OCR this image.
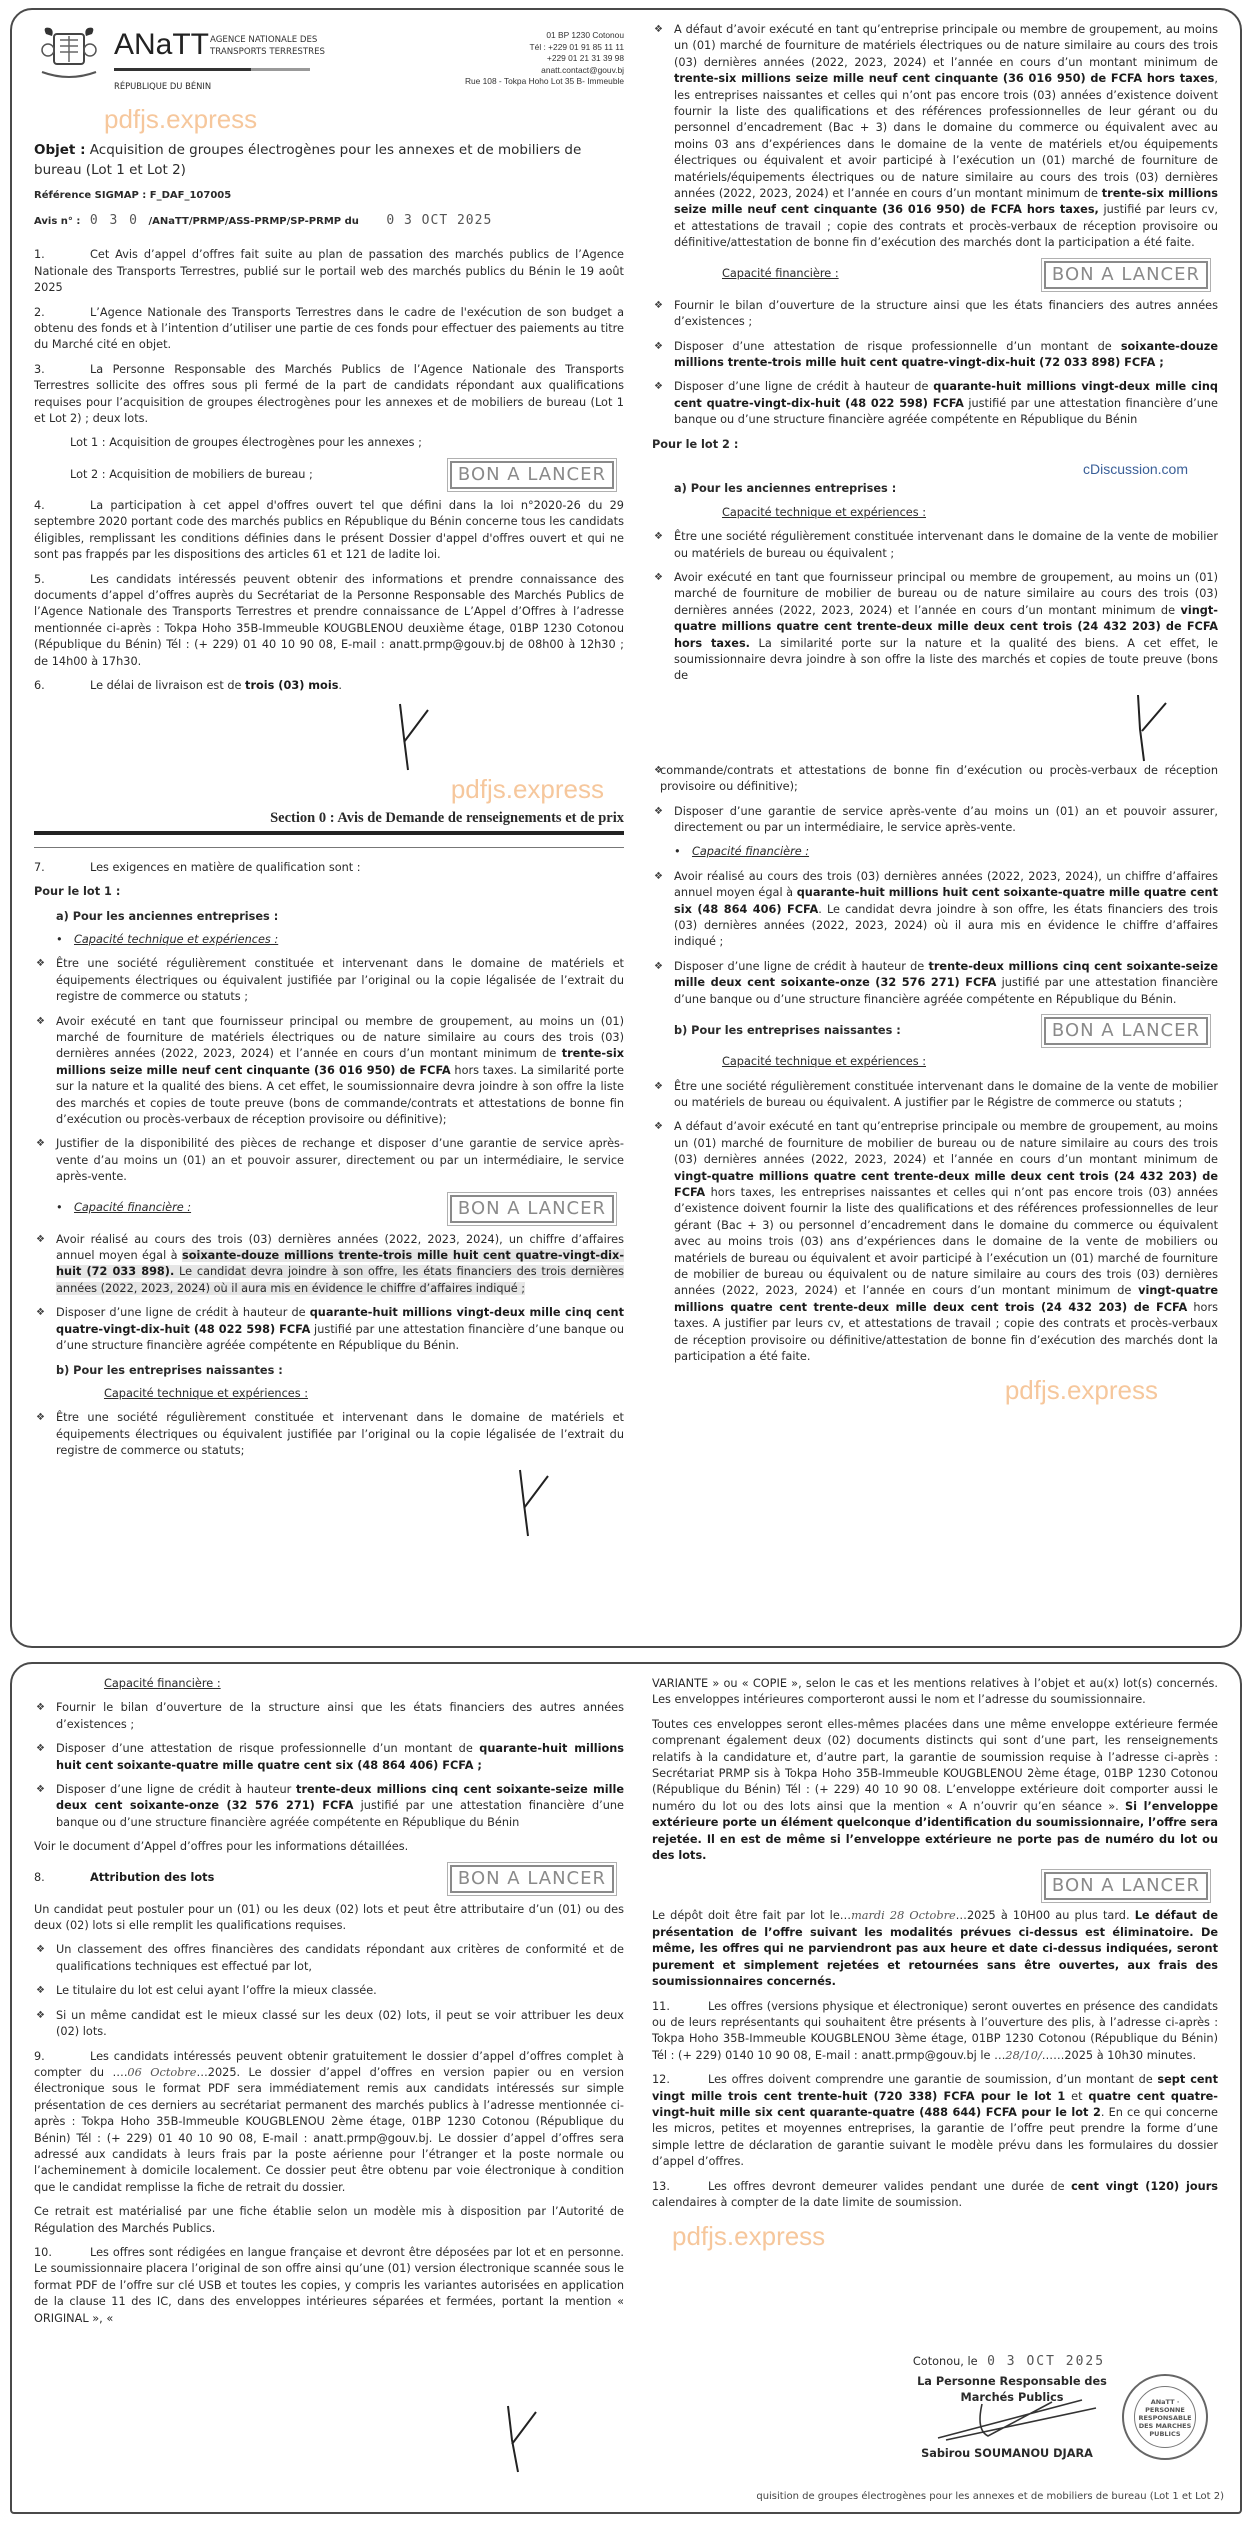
ANaTT AGENCE NATIONALE DES
TRANSPORTS TERRESTRES
RÉPUBLIQUE DU BÉNIN
01 BP 1230 Cotonou
Tél : +229 01 91 85 11 11
+229 01 21 31 39 98
anatt.contact@gouv.bj
Rue 108 - Tokpa Hoho Lot 35 B- Immeuble
pdfjs.express
Objet : Acquisition de groupes électrogènes pour les annexes et de mobiliers de bureau (Lot 1 et Lot 2)
Référence SIGMAP : F_DAF_107005
Avis n° : 0 3 0 /ANaTT/PRMP/ASS-PRMP/SP-PRMP du 0 3 OCT 2025

1.	Cet Avis d’appel d’offres fait suite au plan de passation des marchés publics de l’Agence Nationale des Transports Terrestres, publié sur le portail web des marchés publics du Bénin le 19 août 2025

2.	L’Agence Nationale des Transports Terrestres dans le cadre de l'exécution de son budget a obtenu des fonds et à l’intention d’utiliser une partie de ces fonds pour effectuer des paiements au titre du Marché cité en objet.

3.	La Personne Responsable des Marchés Publics de l’Agence Nationale des Transports Terrestres sollicite des offres sous pli fermé de la part de candidats répondant aux qualifications requises pour l’acquisition de groupes électrogènes pour les annexes et de mobiliers de bureau (Lot 1 et Lot 2) ; deux lots.

Lot 1 : Acquisition de groupes électrogènes pour les annexes ;

Lot 2 : Acquisition de mobiliers de bureau ;	BON A LANCER

4.	La participation à cet appel d'offres ouvert tel que défini dans la loi n°2020-26 du 29 septembre 2020 portant code des marchés publics en République du Bénin concerne tous les candidats éligibles, remplissant les conditions définies dans le présent Dossier d'appel d'offres ouvert et qui ne sont pas frappés par les dispositions des articles 61 et 121 de ladite loi.

5.	Les candidats intéressés peuvent obtenir des informations et prendre connaissance des documents d’appel d’offres auprès du Secrétariat de la Personne Responsable des Marchés Publics de l’Agence Nationale des Transports Terrestres et prendre connaissance de L’Appel d’Offres à l’adresse mentionnée ci-après : Tokpa Hoho 35B-Immeuble KOUGBLENOU deuxième étage, 01BP 1230 Cotonou (République du Bénin) Tél : (+ 229) 01 40 10 90 08, E-mail : anatt.prmp@gouv.bj de 08h00 à 12h30 ; de 14h00 à 17h30.

6.	Le délai de livraison est de trois (03) mois.

pdfjs.express
Section 0 : Avis de Demande de renseignements et de prix

7.	Les exigences en matière de qualification sont :

Pour le lot 1 :

a) Pour les anciennes entreprises :
• Capacité technique et expériences :
❖ Être une société régulièrement constituée et intervenant dans le domaine de matériels et équipements électriques ou équivalent justifiée par l’original ou la copie légalisée de l’extrait du registre de commerce ou statuts ;
❖ Avoir exécuté en tant que fournisseur principal ou membre de groupement, au moins un (01) marché de fourniture de matériels électriques ou de nature similaire au cours des trois (03) dernières années (2022, 2023, 2024) et l’année en cours d’un montant minimum de trente-six millions seize mille neuf cent cinquante (36 016 950) de FCFA hors taxes. La similarité porte sur la nature et la qualité des biens. A cet effet, le soumissionnaire devra joindre à son offre la liste des marchés et copies de toute preuve (bons de commande/contrats et attestations de bonne fin d’exécution ou procès-verbaux de réception provisoire ou définitive);
❖ Justifier de la disponibilité des pièces de rechange et disposer d’une garantie de service après-vente d’au moins un (01) an et pouvoir assurer, directement ou par un intermédiaire, le service après-vente.
• Capacité financière :	BON A LANCER
❖ Avoir réalisé au cours des trois (03) dernières années (2022, 2023, 2024), un chiffre d’affaires annuel moyen égal à soixante-douze millions trente-trois mille huit cent quatre-vingt-dix-huit (72 033 898). Le candidat devra joindre à son offre, les états financiers des trois dernières années (2022, 2023, 2024) où il aura mis en évidence le chiffre d’affaires indiqué ;
❖ Disposer d’une ligne de crédit à hauteur de quarante-huit millions vingt-deux mille cinq cent quatre-vingt-dix-huit (48 022 598) FCFA justifié par une attestation financière d’une banque ou d’une structure financière agréée compétente en République du Bénin.
b) Pour les entreprises naissantes :
Capacité technique et expériences :
❖ Être une société régulièrement constituée et intervenant dans le domaine de matériels et équipements électriques ou équivalent justifiée par l’original ou la copie légalisée de l’extrait du registre de commerce ou statuts;
❖ A défaut d’avoir exécuté en tant qu’entreprise principale ou membre de groupement, au moins un (01) marché de fourniture de matériels électriques ou de nature similaire au cours des trois (03) dernières années (2022, 2023, 2024) et l’année en cours d’un montant minimum de trente-six millions seize mille neuf cent cinquante (36 016 950) de FCFA hors taxes, les entreprises naissantes et celles qui n’ont pas encore trois (03) années d’existence doivent fournir la liste des qualifications et des références professionnelles de leur gérant ou du personnel d’encadrement (Bac + 3) dans le domaine du commerce ou équivalent avec au moins 03 ans d’expériences dans le domaine de la vente de matériels et/ou équipements électriques ou équivalent et avoir participé à l’exécution un (01) marché de fourniture de matériels/équipements électriques ou de nature similaire au cours des trois (03) dernières années (2022, 2023, 2024) et l’année en cours d’un montant minimum de trente-six millions seize mille neuf cent cinquante (36 016 950) de FCFA hors taxes, justifié par leurs cv, et attestations de travail ; copie des contrats et procès-verbaux de réception provisoire ou définitive/attestation de bonne fin d’exécution des marchés dont la participation a été faite.
Capacité financière :	BON A LANCER
❖ Fournir le bilan d’ouverture de la structure ainsi que les états financiers des autres années d’existences ;
❖ Disposer d’une attestation de risque professionnelle d’un montant de soixante-douze millions trente-trois mille huit cent quatre-vingt-dix-huit (72 033 898) FCFA ;
❖ Disposer d’une ligne de crédit à hauteur de quarante-huit millions vingt-deux mille cinq cent quatre-vingt-dix-huit (48 022 598) FCFA justifié par une attestation financière d’une banque ou d’une structure financière agréée compétente en République du Bénin

Pour le lot 2 :

cDiscussion.com
a) Pour les anciennes entreprises :
Capacité technique et expériences :
❖ Être une société régulièrement constituée intervenant dans le domaine de la vente de mobilier ou matériels de bureau ou équivalent ;
❖ Avoir exécuté en tant que fournisseur principal ou membre de groupement, au moins un (01) marché de fourniture de mobilier de bureau ou de nature similaire au cours des trois (03) dernières années (2022, 2023, 2024) et l’année en cours d’un montant minimum de vingt-quatre millions quatre cent trente-deux mille deux cent trois (24 432 203) de FCFA hors taxes. La similarité porte sur la nature et la qualité des biens. A cet effet, le soumissionnaire devra joindre à son offre la liste des marchés et copies de toute preuve (bons de
❖ commande/contrats et attestations de bonne fin d’exécution ou procès-verbaux de réception provisoire ou définitive);
❖ Disposer d’une garantie de service après-vente d’au moins un (01) an et pouvoir assurer, directement ou par un intermédiaire, le service après-vente.
• Capacité financière :
❖ Avoir réalisé au cours des trois (03) dernières années (2022, 2023, 2024), un chiffre d’affaires annuel moyen égal à quarante-huit millions huit cent soixante-quatre mille quatre cent six (48 864 406) FCFA. Le candidat devra joindre à son offre, les états financiers des trois (03) dernières années (2022, 2023, 2024) où il aura mis en évidence le chiffre d’affaires indiqué ;
❖ Disposer d’une ligne de crédit à hauteur de trente-deux millions cinq cent soixante-seize mille deux cent soixante-onze (32 576 271) FCFA justifié par une attestation financière d’une banque ou d’une structure financière agréée compétente en République du Bénin.
b) Pour les entreprises naissantes :	BON A LANCER
Capacité technique et expériences :
❖ Être une société régulièrement constituée intervenant dans le domaine de la vente de mobilier ou matériels de bureau ou équivalent. A justifier par le Régistre de commerce ou statuts ;
❖ A défaut d’avoir exécuté en tant qu’entreprise principale ou membre de groupement, au moins un (01) marché de fourniture de mobilier de bureau ou de nature similaire au cours des trois (03) dernières années (2022, 2023, 2024) et l’année en cours d’un montant minimum de vingt-quatre millions quatre cent trente-deux mille deux cent trois (24 432 203) de FCFA hors taxes, les entreprises naissantes et celles qui n’ont pas encore trois (03) années d’existence doivent fournir la liste des qualifications et des références professionnelles de leur gérant (Bac + 3) ou personnel d’encadrement dans le domaine du commerce ou équivalent avec au moins trois (03) ans d’expériences dans le domaine de la vente de mobiliers ou matériels de bureau ou équivalent et avoir participé à l’exécution un (01) marché de fourniture de mobilier de bureau ou équivalent ou de nature similaire au cours des trois (03) dernières années (2022, 2023, 2024) et l’année en cours d’un montant minimum de vingt-quatre millions quatre cent trente-deux mille deux cent trois (24 432 203) de FCFA hors taxes. A justifier par leurs cv, et attestations de travail ; copie des contrats et procès-verbaux de réception provisoire ou définitive/attestation de bonne fin d’exécution des marchés dont la participation a été faite.
pdfjs.express
Capacité financière :
❖ Fournir le bilan d’ouverture de la structure ainsi que les états financiers des autres années d’existences ;
❖ Disposer d’une attestation de risque professionnelle d’un montant de quarante-huit millions huit cent soixante-quatre mille quatre cent six (48 864 406) FCFA ;
❖ Disposer d’une ligne de crédit à hauteur trente-deux millions cinq cent soixante-seize mille deux cent soixante-onze (32 576 271) FCFA justifié par une attestation financière d’une banque ou d’une structure financière agréée compétente en République du Bénin

Voir le document d’Appel d’offres pour les informations détaillées.

8.	Attribution des lots	BON A LANCER

Un candidat peut postuler pour un (01) ou les deux (02) lots et peut être attributaire d’un (01) ou des deux (02) lots si elle remplit les qualifications requises.

❖ Un classement des offres financières des candidats répondant aux critères de conformité et de qualifications techniques est effectué par lot,
❖ Le titulaire du lot est celui ayant l’offre la mieux classée.
❖ Si un même candidat est le mieux classé sur les deux (02) lots, il peut se voir attribuer les deux (02) lots.

9.	Les candidats intéressés peuvent obtenir gratuitement le dossier d’appel d’offres complet à compter du ….06 Octobre…2025. Le dossier d’appel d’offres en version papier ou en version électronique sous le format PDF sera immédiatement remis aux candidats intéressés sur simple présentation de ces derniers au secrétariat permanent des marchés publics à l’adresse mentionnée ci-après : Tokpa Hoho 35B-Immeuble KOUGBLENOU 2ème étage, 01BP 1230 Cotonou (République du Bénin) Tél : (+ 229) 01 40 10 90 08, E-mail : anatt.prmp@gouv.bj. Le dossier d’appel d’offres sera adressé aux candidats à leurs frais par la poste aérienne pour l’étranger et la poste normale ou l’acheminement à domicile localement. Ce dossier peut être obtenu par voie électronique à condition que le candidat remplisse la fiche de retrait du dossier.

Ce retrait est matérialisé par une fiche établie selon un modèle mis à disposition par l’Autorité de Régulation des Marchés Publics.

10.	Les offres sont rédigées en langue française et devront être déposées par lot et en personne. Le soumissionnaire placera l’original de son offre ainsi qu’une (01) version électronique scannée sous le format PDF de l’offre sur clé USB et toutes les copies, y compris les variantes autorisées en application de la clause 11 des IC, dans des enveloppes intérieures séparées et fermées, portant la mention « ORIGINAL », «

VARIANTE » ou « COPIE », selon le cas et les mentions relatives à l’objet et au(x) lot(s) concernés. Les enveloppes intérieures comporteront aussi le nom et l’adresse du soumissionnaire.

Toutes ces enveloppes seront elles-mêmes placées dans une même enveloppe extérieure fermée comprenant également deux (02) documents distincts qui sont d’une part, les renseignements relatifs à la candidature et, d’autre part, la garantie de soumission requise à l’adresse ci-après : Secrétariat PRMP sis à Tokpa Hoho 35B-Immeuble KOUGBLENOU 2ème étage, 01BP 1230 Cotonou (République du Bénin) Tél : (+ 229) 40 10 90 08. L’enveloppe extérieure doit comporter aussi le numéro du lot ou des lots ainsi que la mention « A n’ouvrir qu’en séance ». Si l’enveloppe extérieure porte un élément quelconque d’identification du soumissionnaire, l’offre sera rejetée. Il en est de même si l’enveloppe extérieure ne porte pas de numéro du lot ou des lots.

BON A LANCER

Le dépôt doit être fait par lot le…mardi 28 Octobre…2025 à 10H00 au plus tard. Le défaut de présentation de l’offre suivant les modalités prévues ci-dessus est éliminatoire. De même, les offres qui ne parviendront pas aux heure et date ci-dessus indiquées, seront purement et simplement rejetées et retournées sans être ouvertes, aux frais des soumissionnaires concernés.

11.	Les offres (versions physique et électronique) seront ouvertes en présence des candidats ou de leurs représentants qui souhaitent être présents à l’ouverture des plis, à l’adresse ci-après : Tokpa Hoho 35B-Immeuble KOUGBLENOU 3ème étage, 01BP 1230 Cotonou (République du Bénin) Tél : (+ 229) 0140 10 90 08, E-mail : anatt.prmp@gouv.bj le …28/10/……2025 à 10h30 minutes.

12.	Les offres doivent comprendre une garantie de soumission, d’un montant de sept cent vingt mille trois cent trente-huit (720 338) FCFA pour le lot 1 et quatre cent quatre-vingt-huit mille six cent quarante-quatre (488 644) FCFA pour le lot 2. En ce qui concerne les micros, petites et moyennes entreprises, la garantie de l’offre peut prendre la forme d’une simple lettre de déclaration de garantie suivant le modèle prévu dans les formulaires du dossier d’appel d’offres.

13.	Les offres devront demeurer valides pendant une durée de cent vingt (120) jours calendaires à compter de la date limite de soumission.

pdfjs.express
Cotonou, le 0 3 OCT 2025
La Personne Responsable des
Marchés Publics	ANaTT · PERSONNE RESPONSABLE DES MARCHES PUBLICS
Sabirou SOUMANOU DJARA
quisition de groupes électrogènes pour les annexes et de mobiliers de bureau (Lot 1 et Lot 2)
